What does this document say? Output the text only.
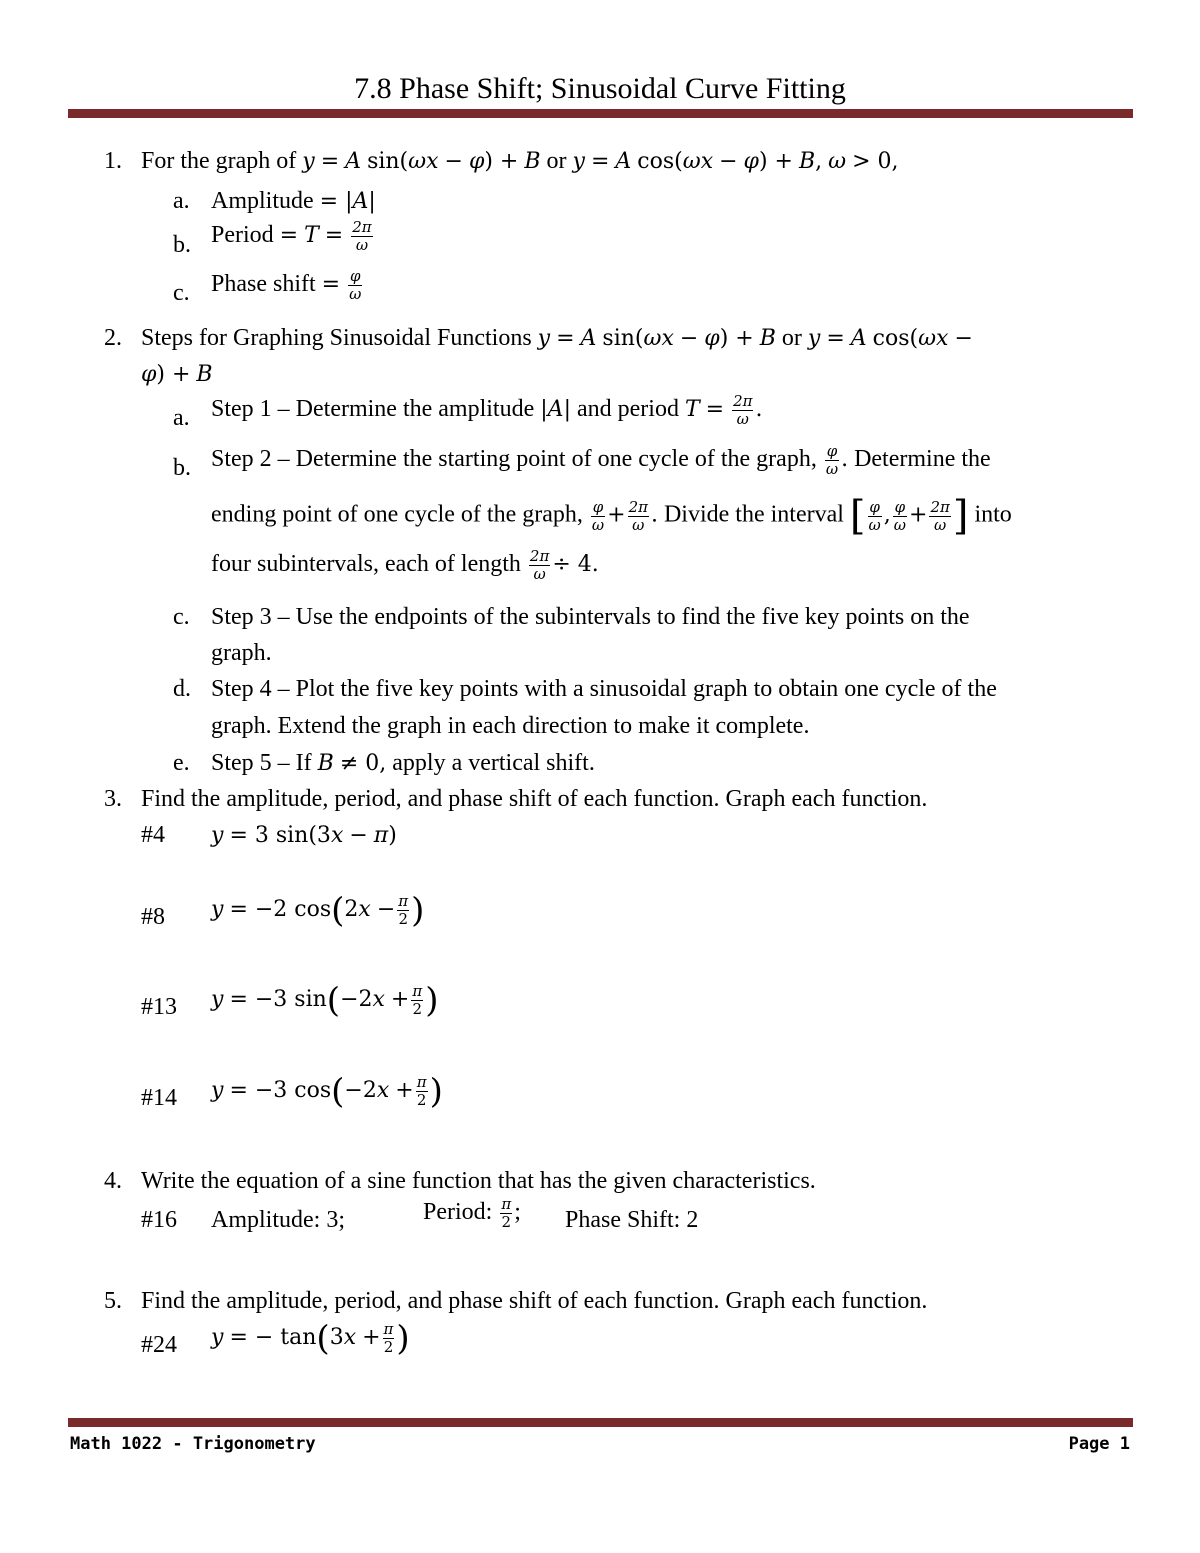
7.8 Phase Shift; Sinusoidal Curve Fitting
1. For the graph of y = A sin(ωx − φ) + B or y = A cos(ωx − φ) + B, ω > 0,
a. Amplitude = |A|
b. Period = $T = \frac{2\pi}{\omega}$
c. Phase shift = $\frac{\varphi}{\omega}$
2. Steps for Graphing Sinusoidal Functions y = A sin(ωx − φ) + B or y = A cos(ωx −
φ) + B
a. Step 1 – Determine the amplitude |A| and period $T = \frac{2\pi}{\omega}$ .
b. Step 2 – Determine the starting point of one cycle of the graph, $\frac{\varphi}{\omega}$ . Determine the
ending point of one cycle of the graph, $\frac{\varphi}{\omega} + \frac{2\pi}{\omega}$ . Divide the interval [ $\frac{\varphi}{\omega}$ , $\frac{\varphi}{\omega} + \frac{2\pi}{\omega}$ ] into
four subintervals, each of length $\frac{2\pi}{\omega} \div 4$.
c. Step 3 – Use the endpoints of the subintervals to find the five key points on the
graph.
d. Step 4 – Plot the five key points with a sinusoidal graph to obtain one cycle of the
graph. Extend the graph in each direction to make it complete.
e. Step 5 – If B ≠ 0, apply a vertical shift.
3. Find the amplitude, period, and phase shift of each function. Graph each function.
#4 y = 3 sin(3x − π)
#8 y = −2 $\cos(2x - \frac{\pi}{2}$ )
#13 y = −3 $\sin(-2x + \frac{\pi}{2}$ )
#14 y = −3 $\cos(-2x + \frac{\pi}{2}$ )
4. Write the equation of a sine function that has the given characteristics.
#16 Amplitude: 3;	Period: $\frac{\pi}{2}$ ; Phase Shift: 2
5. Find the amplitude, period, and phase shift of each function. Graph each function.
#24 y = − $\tan(3x + \frac{\pi}{2}$ )
Math 1022 - Trigonometry	Page 1
